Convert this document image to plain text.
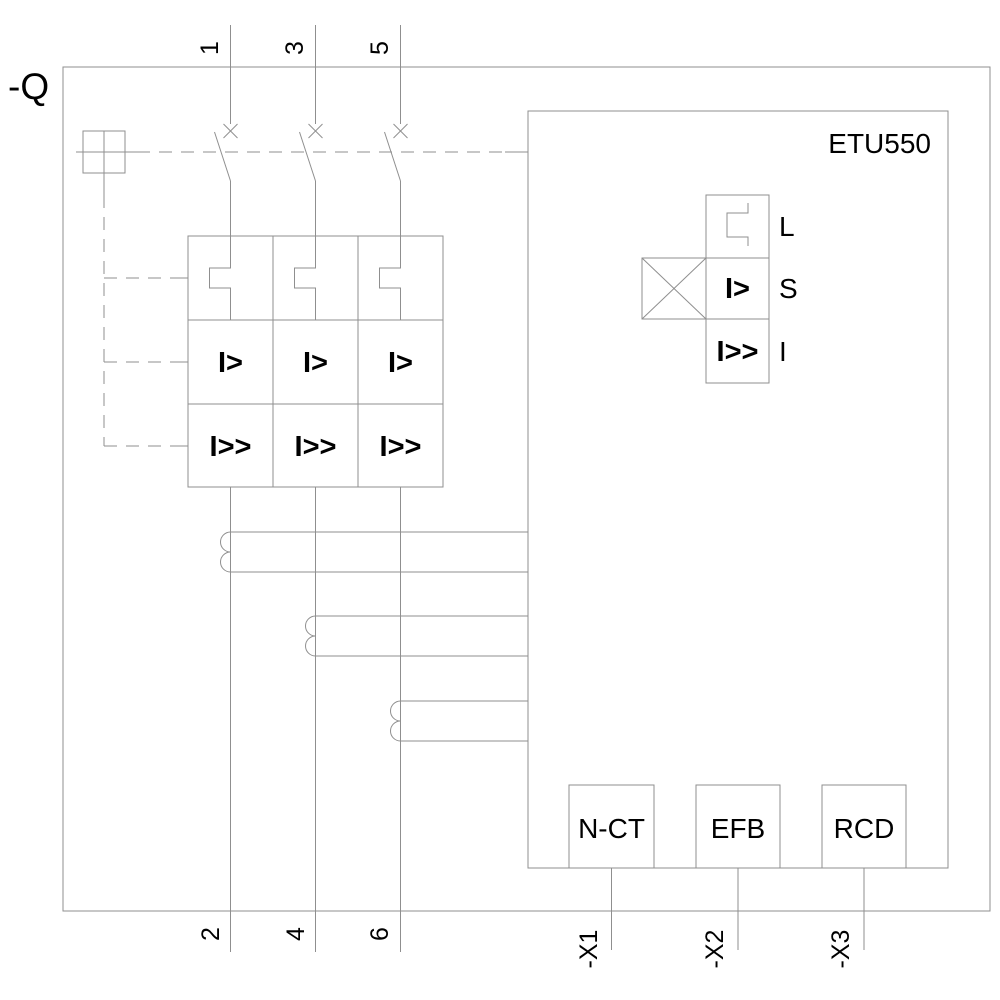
-Q
ETU550
I> I> I>
I>> I>> I>>
I>
I>>
L
S
I
N-CT EFB RCD
1 3 5
2 4 6	-X1	-X2	-X3
